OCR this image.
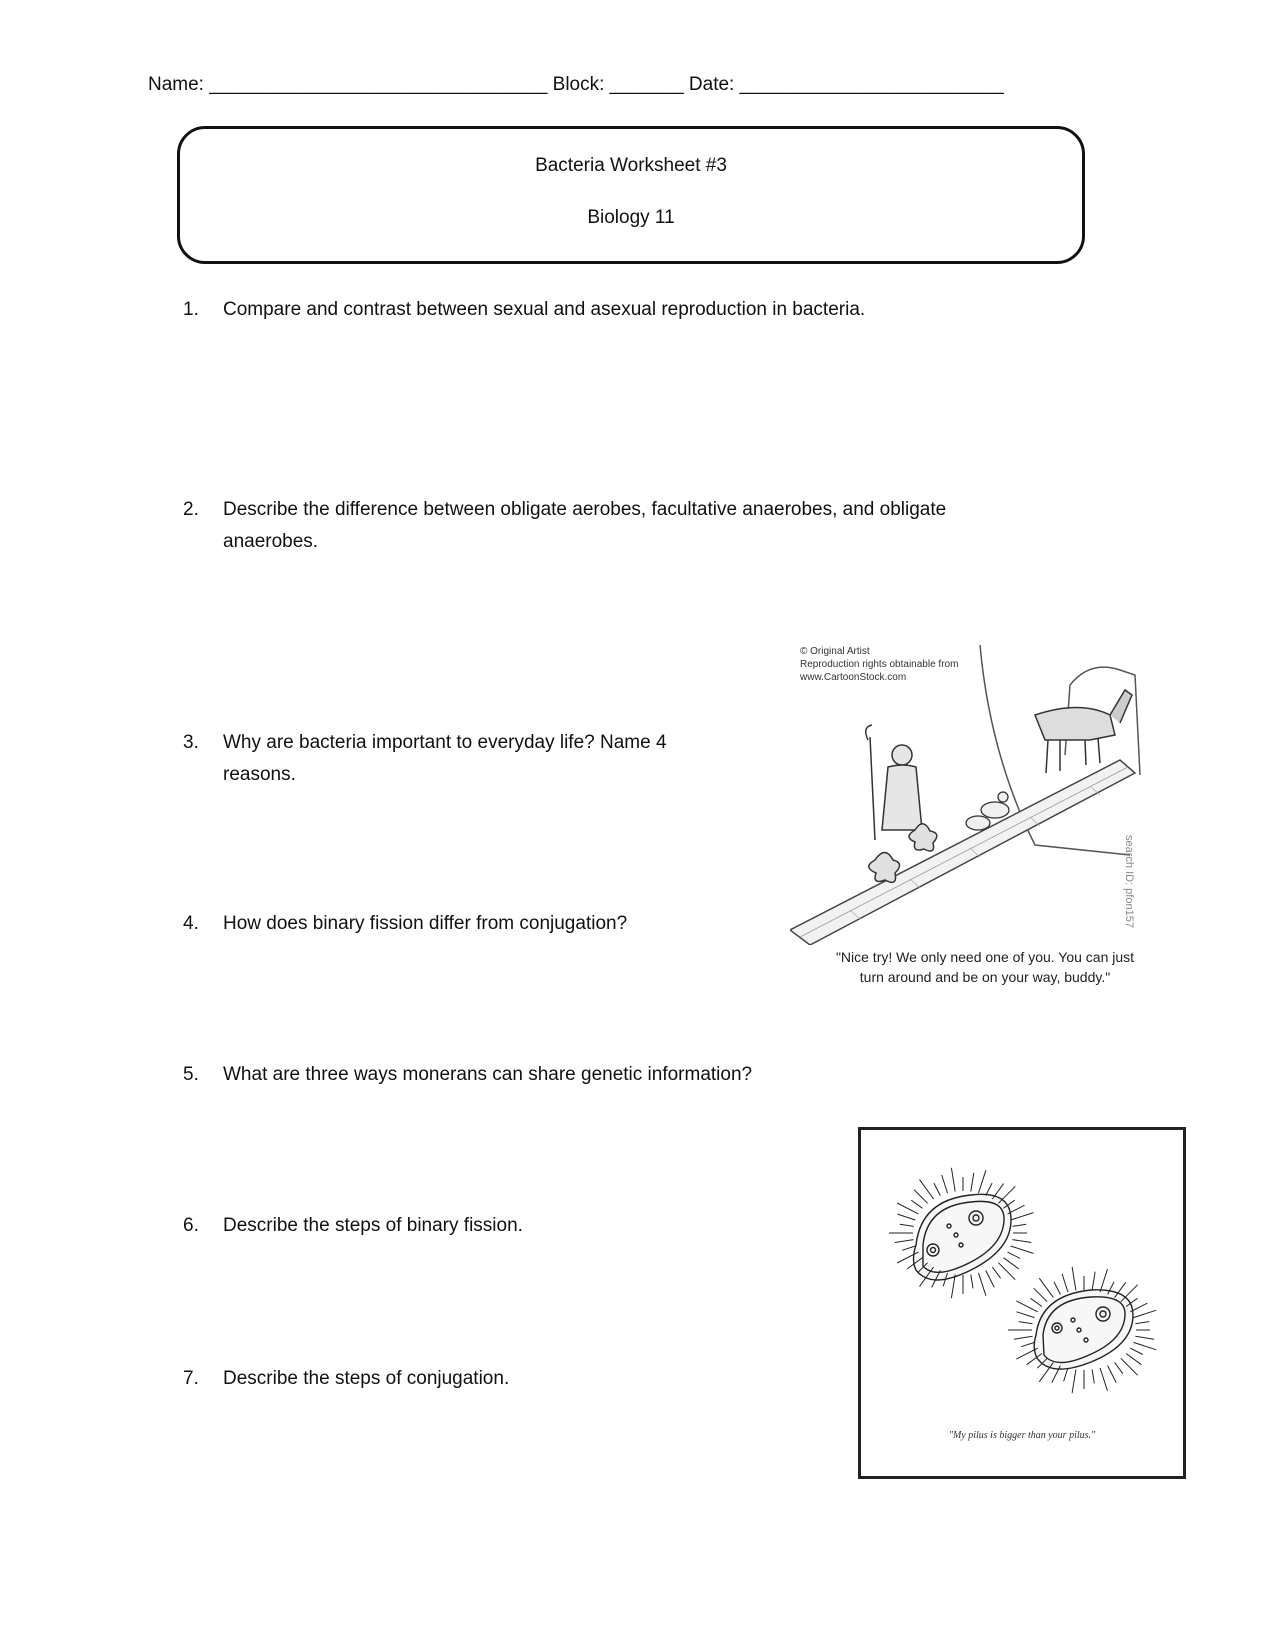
Name: ________________________________ Block: _______ Date: _________________________
Bacteria Worksheet #3
Biology 11
1.	Compare and contrast between sexual and asexual reproduction in bacteria.
2.	Describe the difference between obligate aerobes, facultative anaerobes, and obligate anaerobes.
3.	Why are bacteria important to everyday life? Name 4 reasons.
4.	How does binary fission differ from conjugation?
5.	What are three ways monerans can share genetic information?
6.	Describe the steps of binary fission.
7.	Describe the steps of conjugation.
© Original Artist
Reproduction rights obtainable from
www.CartoonStock.com
search ID: pfon157
"Nice try! We only need one of you. You can just
turn around and be on your way, buddy."
"My pilus is bigger than your pilus."
